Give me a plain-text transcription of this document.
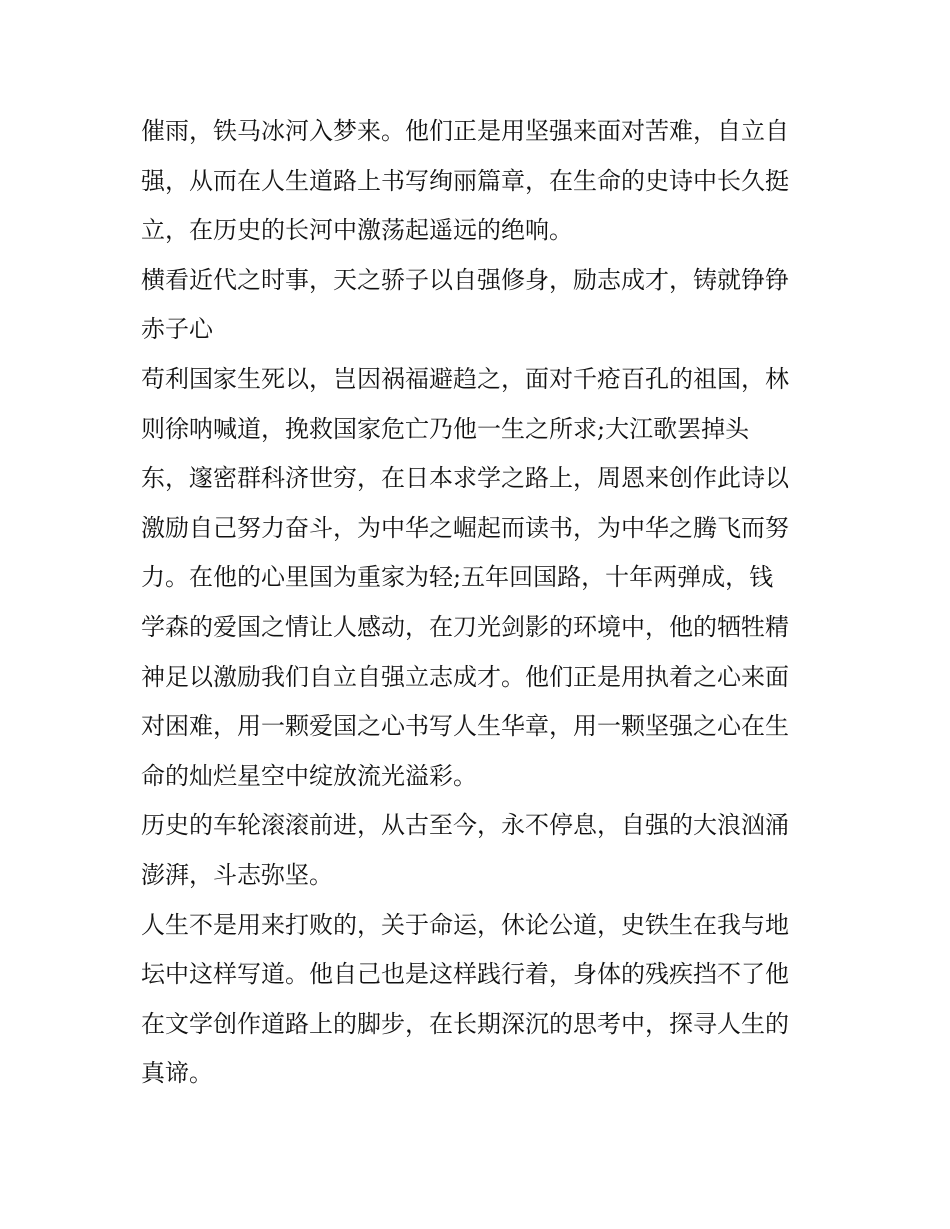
催雨，铁马冰河入梦来。他们正是用坚强来面对苦难，自立自
强，从而在人生道路上书写绚丽篇章，在生命的史诗中长久挺
立，在历史的长河中激荡起遥远的绝响。
横看近代之时事，天之骄子以自强修身，励志成才，铸就铮铮
赤子心
苟利国家生死以，岂因祸福避趋之，面对千疮百孔的祖国，林
则徐呐喊道，挽救国家危亡乃他一生之所求;大江歌罢掉头
东，邃密群科济世穷，在日本求学之路上，周恩来创作此诗以
激励自己努力奋斗，为中华之崛起而读书，为中华之腾飞而努
力。在他的心里国为重家为轻;五年回国路，十年两弹成，钱
学森的爱国之情让人感动，在刀光剑影的环境中，他的牺牲精
神足以激励我们自立自强立志成才。他们正是用执着之心来面
对困难，用一颗爱国之心书写人生华章，用一颗坚强之心在生
命的灿烂星空中绽放流光溢彩。
历史的车轮滚滚前进，从古至今，永不停息，自强的大浪汹涌
澎湃，斗志弥坚。
人生不是用来打败的，关于命运，休论公道，史铁生在我与地
坛中这样写道。他自己也是这样践行着，身体的残疾挡不了他
在文学创作道路上的脚步，在长期深沉的思考中，探寻人生的
真谛。
